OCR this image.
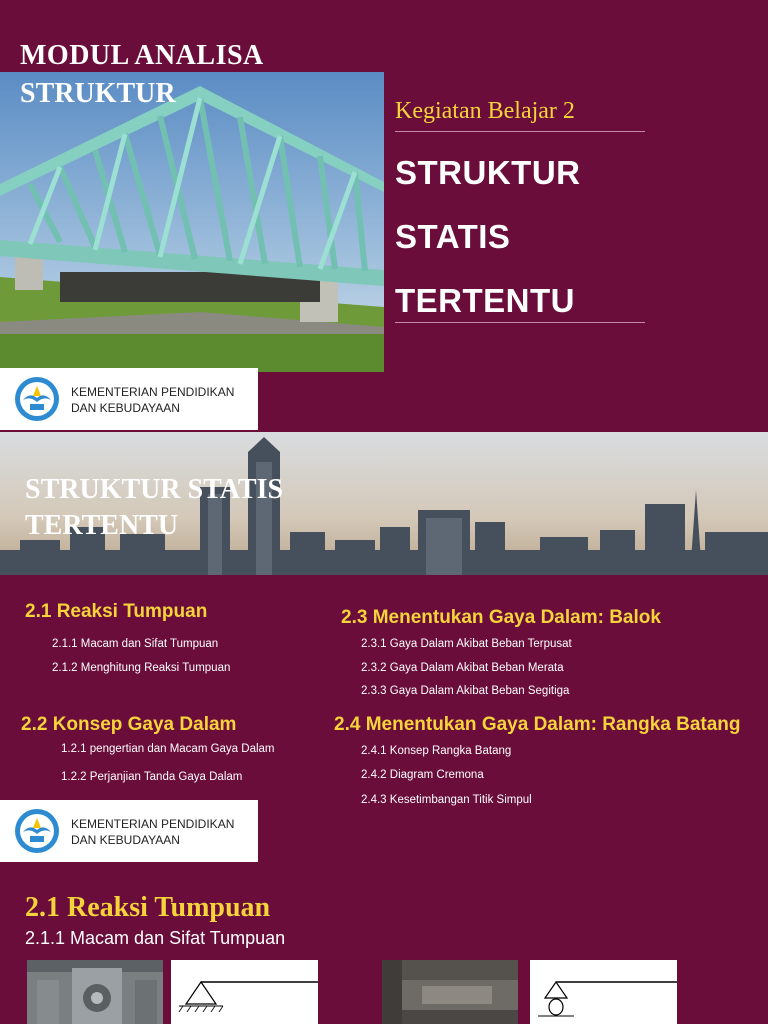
MODUL ANALISA
STRUKTUR
Kegiatan Belajar 2
STRUKTUR
STATIS
TERTENTU
KEMENTERIAN PENDIDIKAN
DAN KEBUDAYAAN
STRUKTUR STATIS
TERTENTU
2.1 Reaksi Tumpuan
2.1.1 Macam dan Sifat Tumpuan
2.1.2 Menghitung Reaksi Tumpuan
2.2 Konsep Gaya Dalam
1.2.1 pengertian dan Macam Gaya Dalam
1.2.2 Perjanjian Tanda Gaya Dalam
2.3 Menentukan Gaya Dalam: Balok
2.3.1 Gaya Dalam Akibat Beban Terpusat
2.3.2 Gaya Dalam Akibat Beban Merata
2.3.3 Gaya Dalam Akibat Beban Segitiga
2.4 Menentukan Gaya Dalam: Rangka Batang
2.4.1 Konsep Rangka Batang
2.4.2 Diagram Cremona
2.4.3 Kesetimbangan Titik Simpul
KEMENTERIAN PENDIDIKAN
DAN KEBUDAYAAN
2.1 Reaksi Tumpuan
2.1.1 Macam dan Sifat Tumpuan
